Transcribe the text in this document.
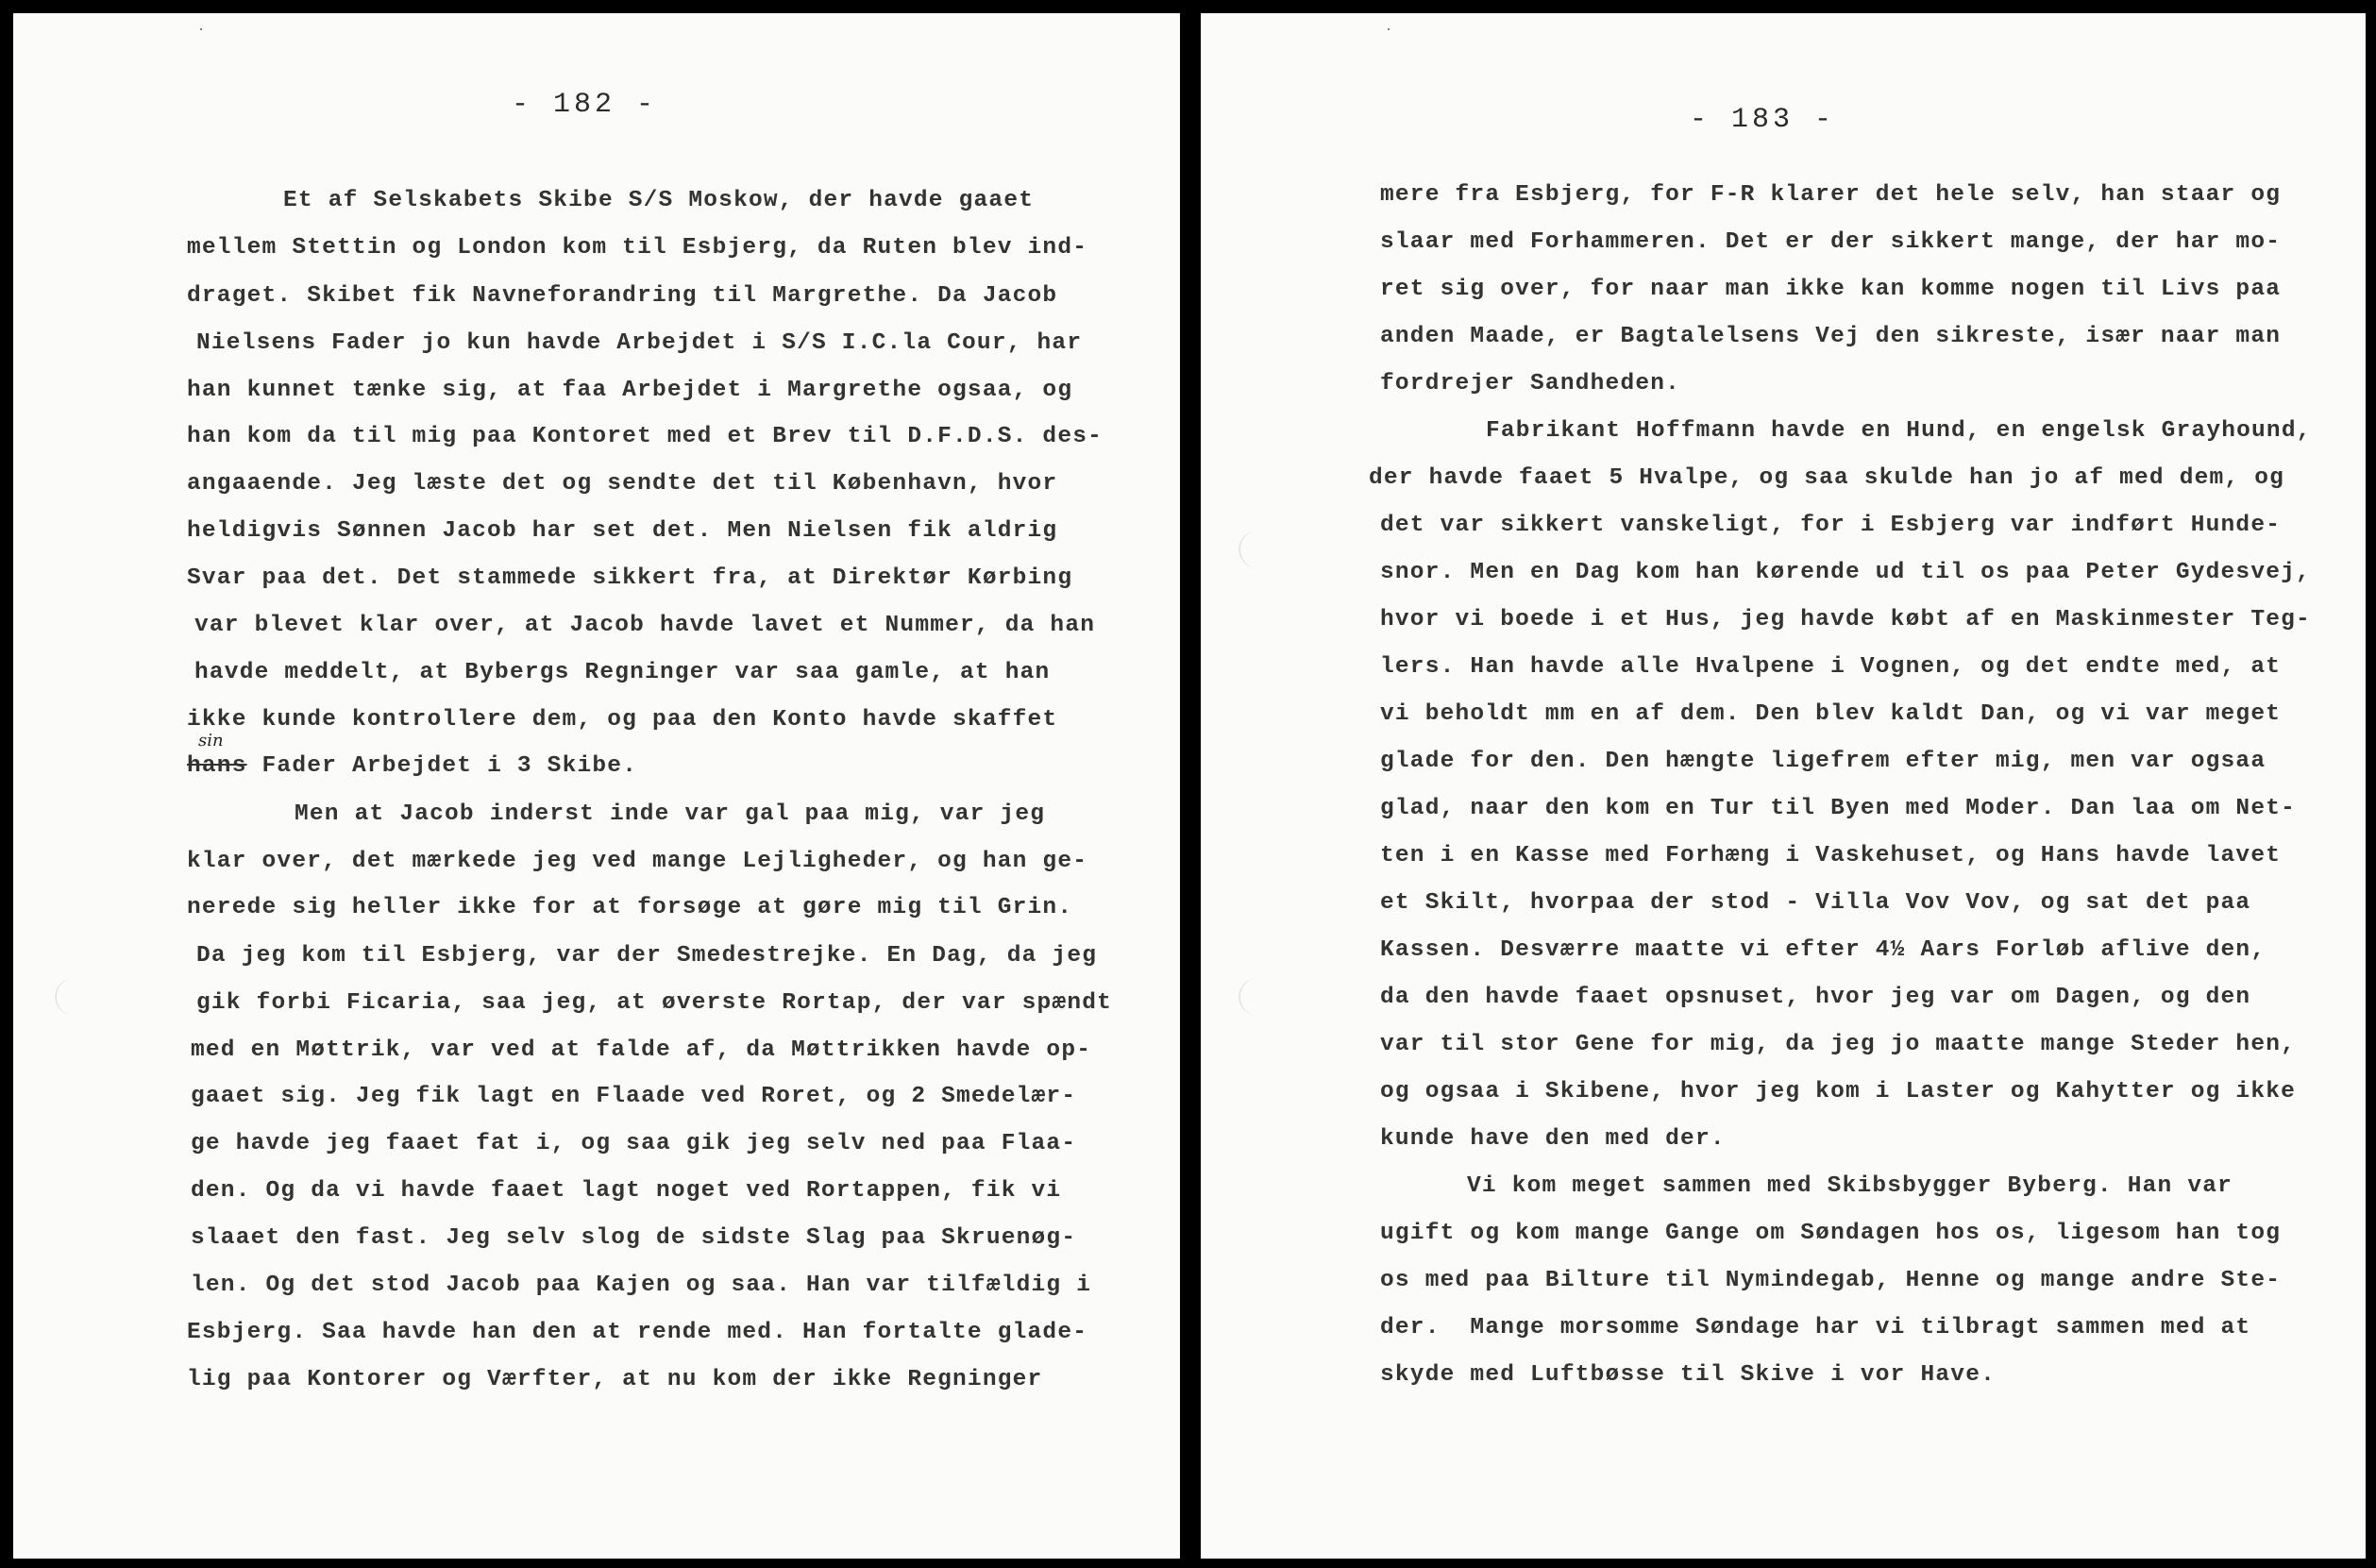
- 182 -
Et af Selskabets Skibe S/S Moskow, der havde gaaet
mellem Stettin og London kom til Esbjerg, da Ruten blev ind-
draget. Skibet fik Navneforandring til Margrethe. Da Jacob
Nielsens Fader jo kun havde Arbejdet i S/S I.C.la Cour, har
han kunnet tænke sig, at faa Arbejdet i Margrethe ogsaa, og
han kom da til mig paa Kontoret med et Brev til D.F.D.S. des-
angaaende. Jeg læste det og sendte det til København, hvor
heldigvis Sønnen Jacob har set det. Men Nielsen fik aldrig
Svar paa det. Det stammede sikkert fra, at Direktør Kørbing
var blevet klar over, at Jacob havde lavet et Nummer, da han
havde meddelt, at Bybergs Regninger var saa gamle, at han
ikke kunde kontrollere dem, og paa den Konto havde skaffet
hans Fader Arbejdet i 3 Skibe.
Men at Jacob inderst inde var gal paa mig, var jeg
klar over, det mærkede jeg ved mange Lejligheder, og han ge-
nerede sig heller ikke for at forsøge at gøre mig til Grin.
Da jeg kom til Esbjerg, var der Smedestrejke. En Dag, da jeg
gik forbi Ficaria, saa jeg, at øverste Rortap, der var spændt
med en Møttrik, var ved at falde af, da Møttrikken havde op-
gaaet sig. Jeg fik lagt en Flaade ved Roret, og 2 Smedelær-
ge havde jeg faaet fat i, og saa gik jeg selv ned paa Flaa-
den. Og da vi havde faaet lagt noget ved Rortappen, fik vi
slaaet den fast. Jeg selv slog de sidste Slag paa Skruenøg-
len. Og det stod Jacob paa Kajen og saa. Han var tilfældig i
Esbjerg. Saa havde han den at rende med. Han fortalte glade-
lig paa Kontorer og Værfter, at nu kom der ikke Regninger
sin
- 183 -
mere fra Esbjerg, for F-R klarer det hele selv, han staar og
slaar med Forhammeren. Det er der sikkert mange, der har mo-
ret sig over, for naar man ikke kan komme nogen til Livs paa
anden Maade, er Bagtalelsens Vej den sikreste, især naar man
fordrejer Sandheden.
Fabrikant Hoffmann havde en Hund, en engelsk Grayhound,
der havde faaet 5 Hvalpe, og saa skulde han jo af med dem, og
det var sikkert vanskeligt, for i Esbjerg var indført Hunde-
snor. Men en Dag kom han kørende ud til os paa Peter Gydesvej,
hvor vi boede i et Hus, jeg havde købt af en Maskinmester Teg-
lers. Han havde alle Hvalpene i Vognen, og det endte med, at
vi beholdt mm en af dem. Den blev kaldt Dan, og vi var meget
glade for den. Den hængte ligefrem efter mig, men var ogsaa
glad, naar den kom en Tur til Byen med Moder. Dan laa om Net-
ten i en Kasse med Forhæng i Vaskehuset, og Hans havde lavet
et Skilt, hvorpaa der stod - Villa Vov Vov, og sat det paa
Kassen. Desværre maatte vi efter 4½ Aars Forløb aflive den,
da den havde faaet opsnuset, hvor jeg var om Dagen, og den
var til stor Gene for mig, da jeg jo maatte mange Steder hen,
og ogsaa i Skibene, hvor jeg kom i Laster og Kahytter og ikke
kunde have den med der.
Vi kom meget sammen med Skibsbygger Byberg. Han var
ugift og kom mange Gange om Søndagen hos os, ligesom han tog
os med paa Bilture til Nymindegab, Henne og mange andre Ste-
der.  Mange morsomme Søndage har vi tilbragt sammen med at
skyde med Luftbøsse til Skive i vor Have.
